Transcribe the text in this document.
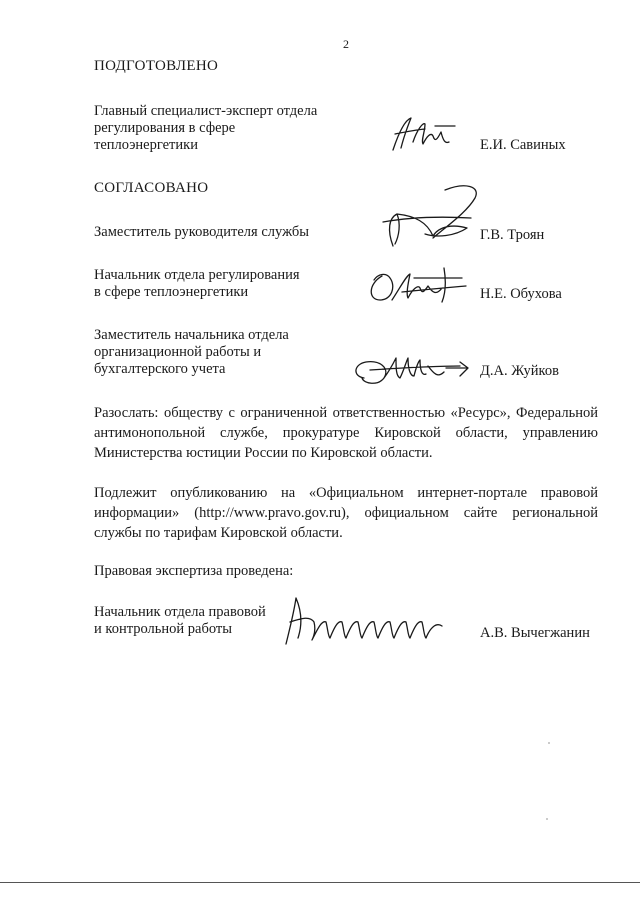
2
ПОДГОТОВЛЕНО
Главный специалист-эксперт отдела
регулирования в сфере
теплоэнергетики	Е.И. Савиных
СОГЛАСОВАНО
Заместитель руководителя службы	Г.В. Троян
Начальник отдела регулирования
в сфере теплоэнергетики	Н.Е. Обухова
Заместитель начальника отдела
организационной работы и
бухгалтерского учета	Д.А. Жуйков
Разослать: обществу с ограниченной ответственностью «Ресурс», Федеральной антимонопольной службе, прокуратуре Кировской области, управлению Министерства юстиции России по Кировской области.
Подлежит опубликованию на «Официальном интернет-портале правовой информации» (http://www.pravo.gov.ru), официальном сайте региональной службы по тарифам Кировской области.
Правовая экспертиза проведена:
Начальник отдела правовой
и контрольной работы	А.В. Вычегжанин
